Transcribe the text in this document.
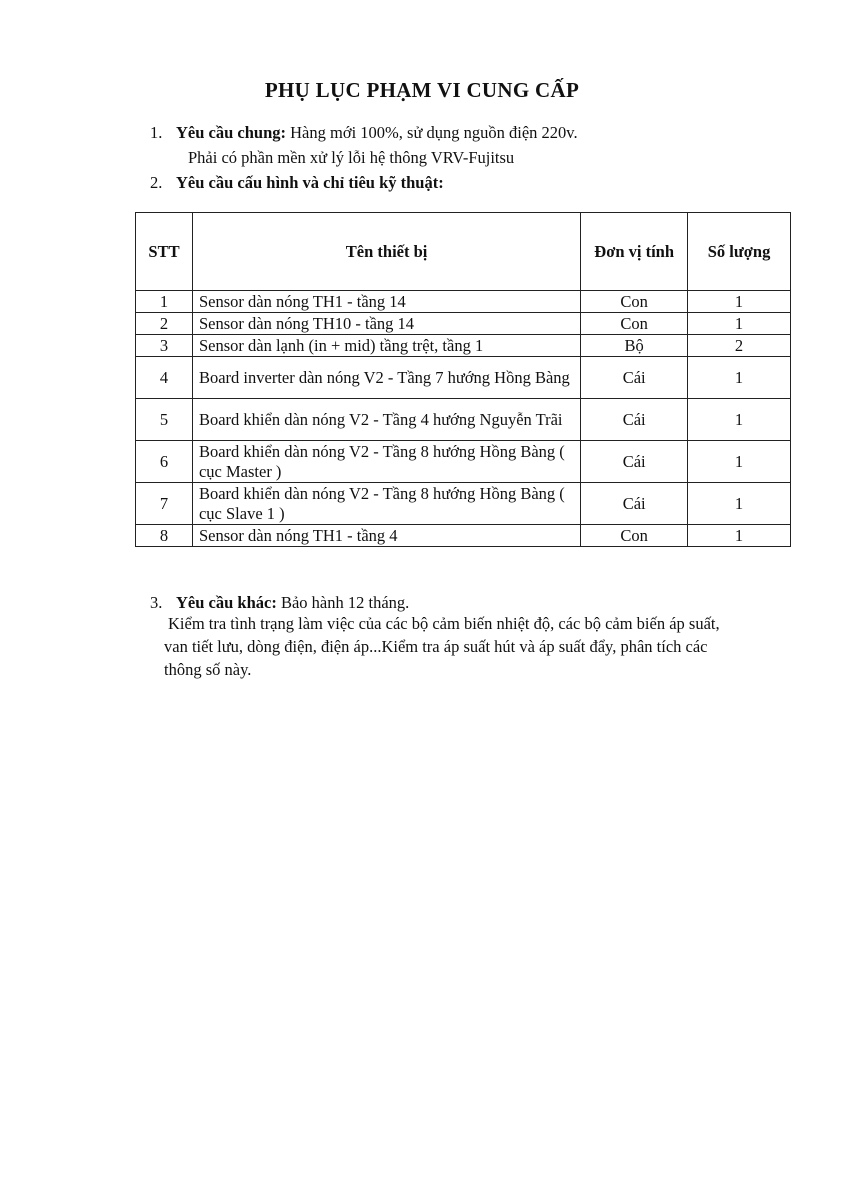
PHỤ LỤC PHẠM VI CUNG CẤP
1. Yêu cầu chung: Hàng mới 100%, sử dụng nguồn điện 220v.
Phải có phần mền xử lý lỗi hệ thông VRV-Fujitsu
2. Yêu cầu cấu hình và chỉ tiêu kỹ thuật:
STT	Tên thiết bị	Đơn vị tính	Số lượng
1	Sensor dàn nóng TH1 - tầng 14	Con	1
2	Sensor dàn nóng TH10 - tầng 14	Con	1
3	Sensor dàn lạnh (in + mid) tầng trệt, tầng 1	Bộ	2
4	Board inverter dàn nóng V2 - Tầng 7 hướng Hồng Bàng	Cái	1
5	Board khiển dàn nóng V2 - Tầng 4 hướng Nguyễn Trãi	Cái	1
6	Board khiển dàn nóng V2 - Tầng 8 hướng Hồng Bàng ( cục Master )	Cái	1
7	Board khiển dàn nóng V2 - Tầng 8 hướng Hồng Bàng ( cục Slave 1 )	Cái	1
8	Sensor dàn nóng TH1 - tầng 4	Con	1
3. Yêu cầu khác: Bảo hành 12 tháng.
Kiểm tra tình trạng làm việc của các bộ cảm biến nhiệt độ, các bộ cảm biến áp suất,
van tiết lưu, dòng điện, điện áp...Kiểm tra áp suất hút và áp suất đẩy, phân tích các
thông số này.
